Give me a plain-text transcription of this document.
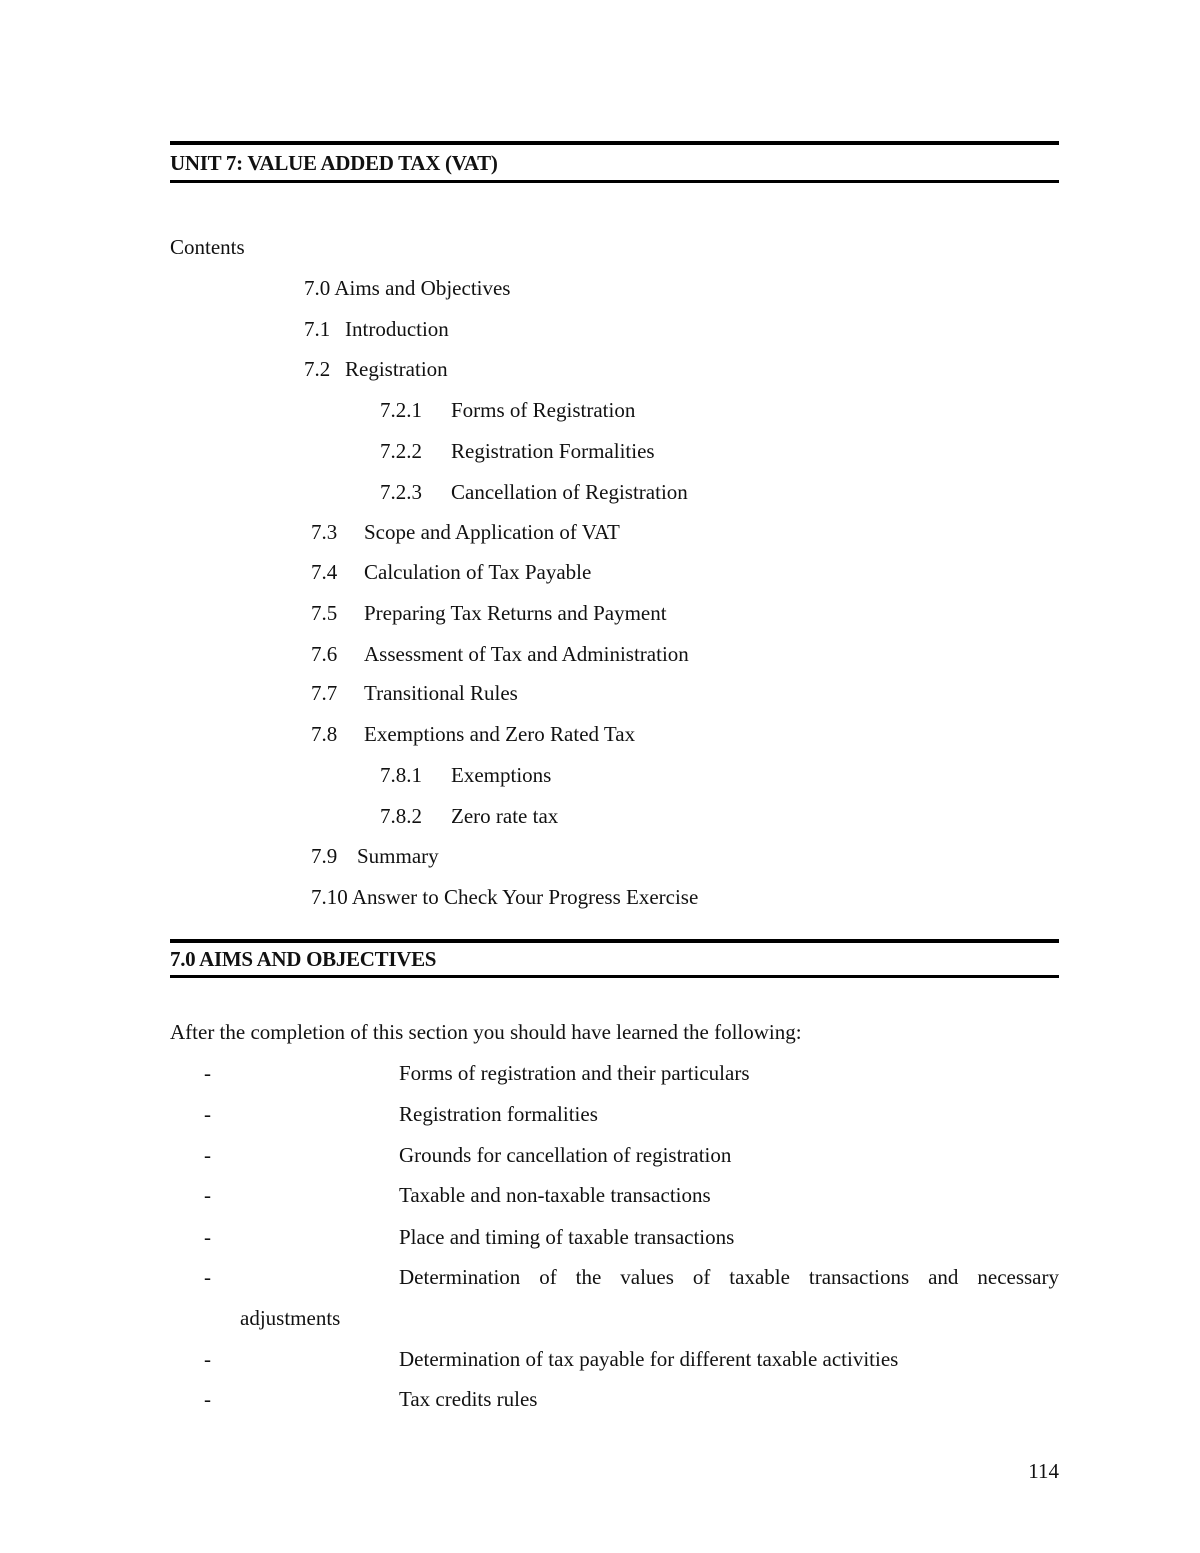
UNIT 7: VALUE ADDED TAX (VAT)
Contents
7.0 Aims and Objectives
7.1 Introduction
7.2 Registration
7.2.1 Forms of Registration
7.2.2 Registration Formalities
7.2.3 Cancellation of Registration
7.3 Scope and Application of VAT
7.4 Calculation of Tax Payable
7.5 Preparing Tax Returns and Payment
7.6 Assessment of Tax and Administration
7.7 Transitional Rules
7.8 Exemptions and Zero Rated Tax
7.8.1 Exemptions
7.8.2 Zero rate tax
7.9 Summary
7.10 Answer to Check Your Progress Exercise
7.0 AIMS AND OBJECTIVES
After the completion of this section you should have learned the following:
-	Forms of registration and their particulars
-	Registration formalities
-	Grounds for cancellation of registration
-	Taxable and non-taxable transactions
-	Place and timing of taxable transactions
-	Determination of the values of taxable transactions and necessary
adjustments
-	Determination of tax payable for different taxable activities
-	Tax credits rules
114
